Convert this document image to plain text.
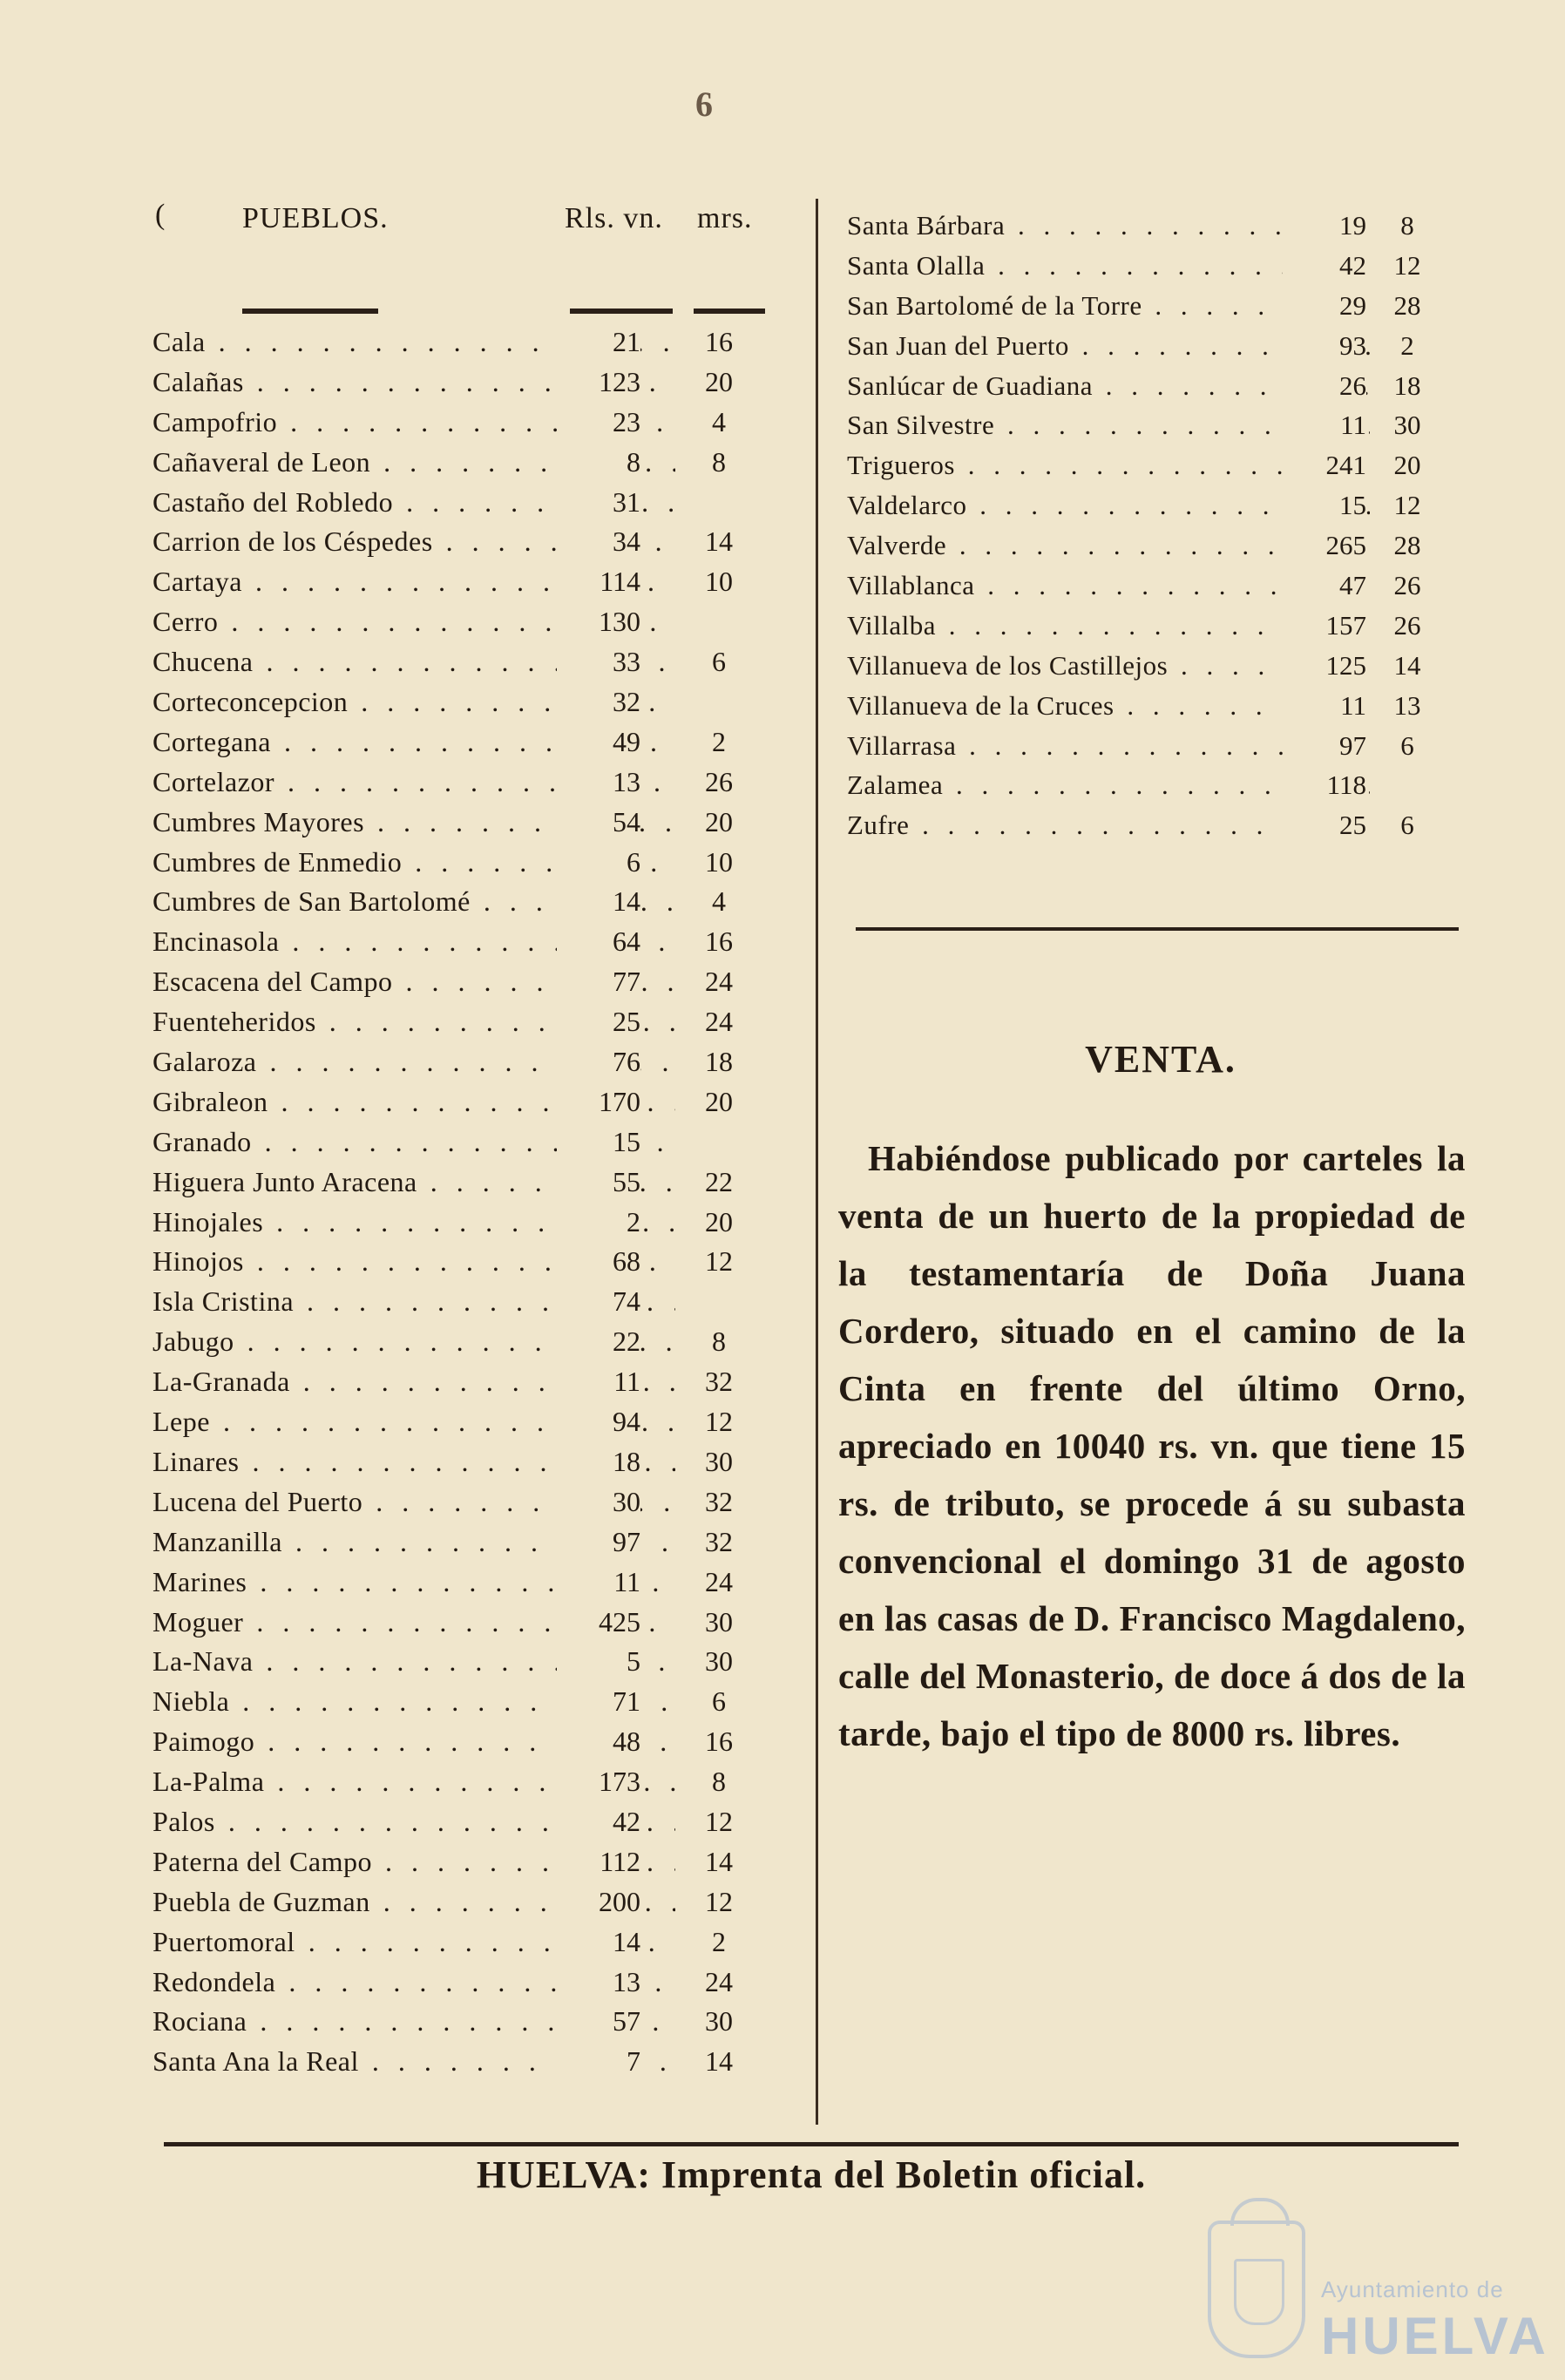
6
(	PUEBLOS.	Rls. vn. mrs.
Cala . . .	21	16
Calañas . . .	123	20
Campofrio . . .	23	4
Cañaveral de Leon . . .	8	8
Castaño del Robledo . . .	31
Carrion de los Céspedes . . .	34	14
Cartaya . . .	114	10
Cerro . . .	130
Chucena . . .	33	6
Corteconcepcion . . .	32
Cortegana . . .	49	2
Cortelazor . . .	13	26
Cumbres Mayores . . .	54	20
Cumbres de Enmedio . . .	6	10
Cumbres de San Bartolomé . . .	14	4
Encinasola . . .	64	16
Escacena del Campo . . .	77	24
Fuenteheridos . . .	25	24
Galaroza . . .	76	18
Gibraleon . . .	170	20
Granado . . .	15
Higuera Junto Aracena . . .	55	22
Hinojales . . .	2	20
Hinojos . . .	68	12
Isla Cristina . . .	74
Jabugo . . .	22	8
La-Granada . . .	11	32
Lepe . . .	94	12
Linares . . .	18	30
Lucena del Puerto . . .	30	32
Manzanilla . . .	97	32
Marines . . .	11	24
Moguer . . .	425	30
La-Nava . . .	5	30
Niebla . . .	71	6
Paimogo . . .	48	16
La-Palma . . .	173	8
Palos . . .	42	12
Paterna del Campo . . .	112	14
Puebla de Guzman . . .	200	12
Puertomoral . . .	14	2
Redondela . . .	13	24
Rociana . . .	57	30
Santa Ana la Real . . .	7	14
Santa Bárbara . . .	19	8
Santa Olalla . . .	42	12
San Bartolomé de la Torre . . .	29	28
San Juan del Puerto . . .	93	2
Sanlúcar de Guadiana . . .	26	18
San Silvestre . . .	11	30
Trigueros . . .	241	20
Valdelarco . . .	15	12
Valverde . . .	265	28
Villablanca . . .	47	26
Villalba . . .	157	26
Villanueva de los Castillejos . . .	125	14
Villanueva de la Cruces . . .	11	13
Villarrasa . . .	97	6
Zalamea . . .	118
Zufre . . .	25	6
VENTA.
Habiéndose publicado por carteles la venta de un huerto de la propiedad de la testamentaría de Doña Juana Cordero, situado en el camino de la Cinta en frente del último Orno, apreciado en 10040 rs. vn. que tiene 15 rs. de tributo, se procede á su subasta convencional el domingo 31 de agosto en las casas de D. Francisco Magdaleno, calle del Monasterio, de doce á dos de la tarde, bajo el tipo de 8000 rs. libres.
HUELVA: Imprenta del Boletin oficial.
Ayuntamiento de
HUELVA
